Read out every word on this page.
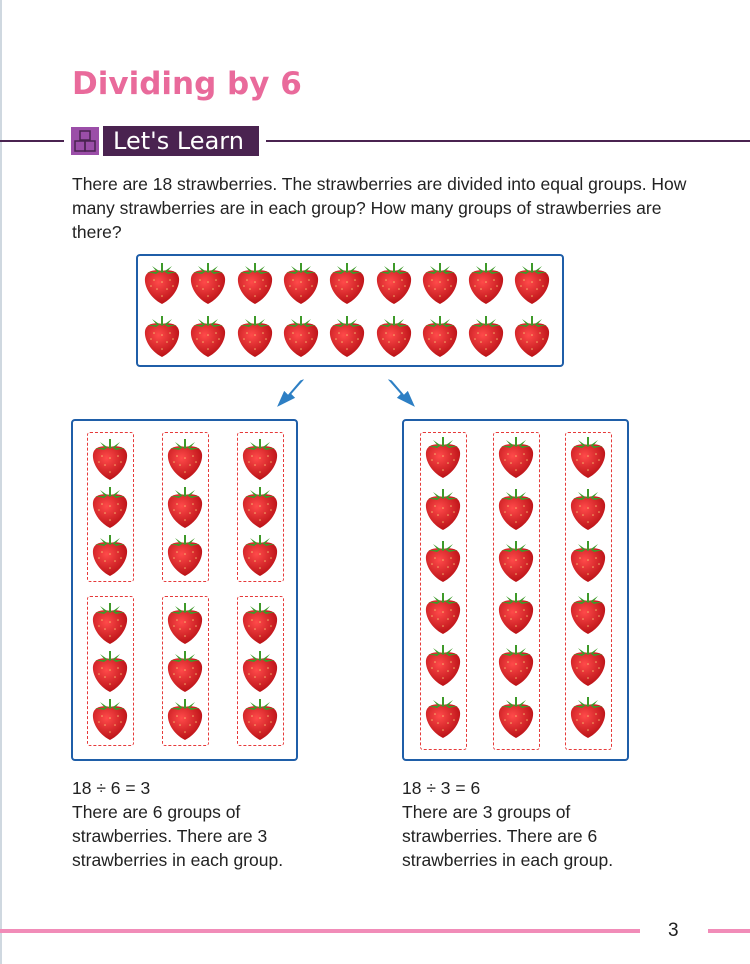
Dividing by 6
Let's Learn
There are 18 strawberries. The strawberries are divided into equal groups. How many strawberries are in each group? How many groups of strawberries are there?
18 ÷ 6 = 3
There are 6 groups of strawberries. There are 3 strawberries in each group.
18 ÷ 3 = 6
There are 3 groups of strawberries. There are 6 strawberries in each group.
3
